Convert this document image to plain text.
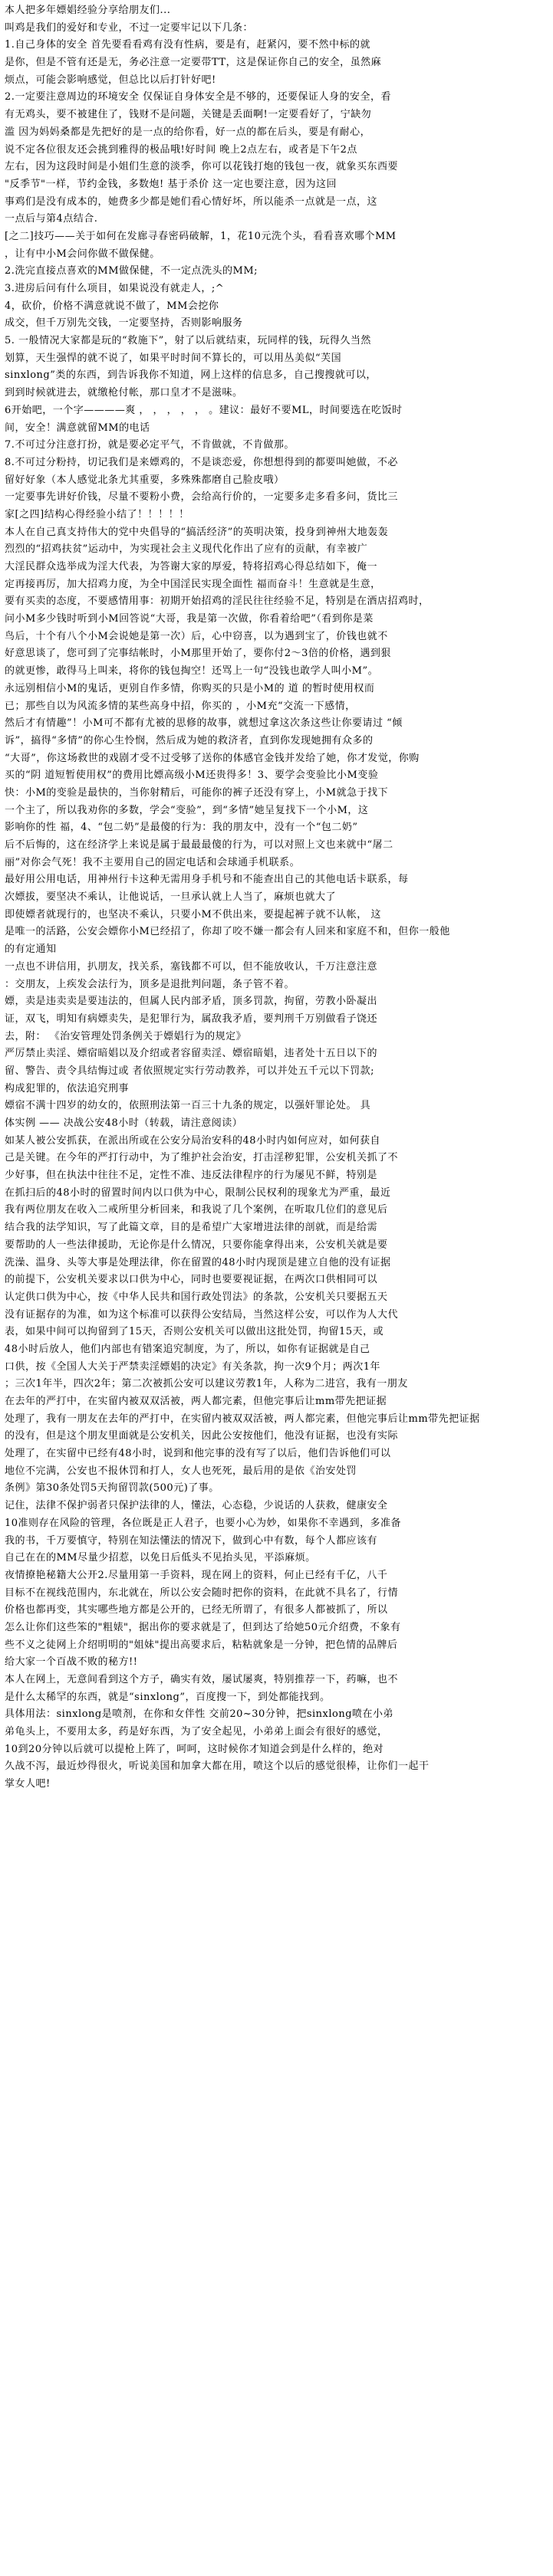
本人把多年嫖娼经验分享给朋友们...
叫鸡是我们的爱好和专业，不过一定要牢记以下几条：
1.自己身体的安全 首先要看看鸡有没有性病，要是有，赶紧闪，要不然中标的就
是你，但是不管有还是无，务必注意一定要带TT，这是保证你自己的安全，虽然麻
烦点，可能会影响感觉，但总比以后打针好吧!
2.一定要注意周边的环境安全 仅保证自身体安全是不够的，还要保证人身的安全，看
有无鸡头，要不被建住了，钱财不是问题，关键是丢面啊!一定要看好了，宁缺勿
滥 因为妈妈桑都是先把好的是一点的给你看，好一点的都在后头，要是有耐心，
说不定各位很友还会挑到雅得的极品哦!好时间 晚上2点左右，或者是下午2点
左右，因为这段时间是小姐们生意的淡季，你可以花钱打炮的钱包一夜，就象买东西要
"反季节"一样，节约金钱，多数炮! 基于杀价 这一定也要注意，因为这回
事鸡们是没有成本的，她费多少都是她们看心情好坏，所以能杀一点就是一点，这
一点后与第4点结合.
[之二]技巧——关于如何在发廊寻春密码破解，1，花10元洗个头，看看喜欢哪个MM
，让有中小M会问你做不做保健。
2.洗完直接点喜欢的MM做保健，不一定点洗头的MM;
3.进房后问有什么项目，如果说没有就走人，;^
4，砍价，价格不满意就说不做了，MM会挖你
成交，但千万别先交钱，一定要坚持，否则影响服务
5. 一般情况大家都是玩的“救施下”，射了以后就结束，玩同样的钱，玩得久当然
划算，天生强悍的就不说了，如果平时时间不算长的，可以用丛美似“芙国
sinxlong”类的东西，到告诉我你不知道，网上这样的信息多，自己搜搜就可以，
到到时候就进去，就缴枪付帐，那口皇才不是滋味。
6开始吧，一个字————爽 ， ， ， ， ， 。建议：最好不要ML，时间要选在吃饭时
间，安全！满意就留MM的电话
7.不可过分注意打扮，就是要必定平气，不肯做就，不肯做那。
8.不可过分粉持，切记我们是来嫖鸡的，不是谈恋爱，你想想得到的都要叫她做，不必
留好好象（本人感觉北条尤其重要，多殊殊都磨自己脸皮哦）
一定要事先讲好价钱，尽量不要粉小费，会给高行价的，一定要多走多看多问，货比三
家[之四]结构心得经验小结了！！！！！
本人在自己真支持伟大的党中央倡导的“搞活经济”的英明决策，投身到神州大地轰轰
烈烈的“招鸡扶贫”运动中，为实现社会主义现代化作出了应有的贡献，有幸被广
大淫民群众选举成为淫大代表，为答谢大家的厚爱，特将招鸡心得总结如下，俺一
定再接再厉，加大招鸡力度，为全中国淫民实现全面性 福而奋斗！生意就是生意，
要有买卖的态度，不要感情用事：初期开始招鸡的淫民往往经验不足，特别是在酒店招鸡时，
问小M多少钱时听到小M回答说“大哥，我是第一次做，你看着给吧”（看到你是菜
鸟后，十个有八个小M会说她是第一次）后，心中窃喜，以为遇到宝了，价钱也就不
好意思谈了，您可到了完事结帐时，小M那里开始了，要你付2～3倍的价格，遇到狠
的就更惨，敢得马上叫来，将你的钱包掏空！还骂上一句“没钱也敢学人叫小M”。
永远别相信小M的鬼话，更别自作多情，你购买的只是小M的 道 的暂时使用权而
已；那些自以为风流多情的某些高身中招，你买的 ，小M充“交流一下感情，
然后才有情趣”！小M可不都有尤被的思修的故事，就想过拿这次条这些让你要请过 “倾
诉”，搞得“多情”的你心生怜悯，然后成为她的救济者，直到你发现她拥有众多的
“大哥”，你这场救世的戏剧才受不过受够了送你的体感官金钱并发给了她，你才发觉，你购
买的“阴 道短暂使用权”的费用比嫖高级小M还贵得多！3、要学会变验比小M变验
快：小M的变验是最快的，当你射精后，可能你的裤子还没有穿上，小M就急于找下
一个主了，所以我劝你的多数，学会“变验”，到“多情”她呈复找下一个小M，这
影响你的性 福，4、“包二奶”是最傻的行为：我的朋友中，没有一个“包二奶”
后不后悔的，这在经济学上来说是属于最最最傻的行为，可以对照上文也来就中“屠二
丽”对你会气死！我不主要用自己的固定电话和会球通手机联系。
最好用公用电话，用神州行卡这种无需用身手机号和不能查出自己的其他电话卡联系，每
次嫖拔，要坚决不乘认，让他说话，一旦承认就上人当了，麻烦也就大了
即使嫖者就现行的，也坚决不乘认，只要小M不供出来，要提起裤子就不认帐， 这
是唯一的活路，公安会嫖你小M已经招了，你却了咬不嫌一都会有人回来和家庭不和，但你一般他
的有定通知
一点也不讲信用，扒朋友，找关系，塞钱都不可以，但不能放收认，千万注意注意
：交朋友，上疾发会法行为，顶多是退批判问题，条子管不着。
嫖，卖是违卖卖是要违法的，但属人民内部矛盾，顶多罚款，拘留，劳教小卧凝出
证，双飞，明知有病嫖卖失，是犯罪行为，属敌我矛盾，要判刑千万别做看子饶还
去，附： 《治安管理处罚条例关于嫖娼行为的规定》
严厉禁止卖淫、嫖宿暗娼以及介绍或者容留卖淫、嫖宿暗娼，违者处十五日以下的
留、警告、责令具结悔过或 者依照规定实行劳动教养，可以并处五千元以下罚款;
构成犯罪的，依法追究刑事
嫖宿不满十四岁的幼女的，依照刑法第一百三十九条的规定，以强奸罪论处。 具
体实例 —— 决战公安48小时（转载，请注意阅读）
如某人被公安抓获，在派出所或在公安分局治安科的48小时内如何应对，如何获自
己是关键。在今年的严打行动中，为了维护社会治安，打击淫秽犯罪，公安机关抓了不
少好事，但在执法中往往不足，定性不准、违反法律程序的行为屡见不鲜，特别是
在抓扫后的48小时的留置时间内以口供为中心，限制公民权利的现象尤为严重，最近
我有两位朋友在收入二戒所里分析回来，和我说了几个案例，在听取几位们的意见后
结合我的法学知识，写了此篇文章，目的是希望广大家增进法律的剖就，而是给需
要帮助的人一些法律援助，无论你是什么情况，只要你能拿得出来，公安机关就是要
洗澡、温身、头等大事是处理法律，你在留置的48小时内现顶是建立自他的没有证据
的前提下，公安机关要求以口供为中心，同时也要要视证据，在两次口供相同可以
认定供口供为中心，按《中华人民共和国行政处罚法》的条款，公安机关只要据五天
没有证据存的为准，如为这个标准可以获得公安结局，当然这样公安，可以作为人大代
表，如果中间可以拘留到了15天，否则公安机关可以做出这批处罚，拘留15天，或
48小时后放人，他们内部也有错案追究制度，为了，所以，如你有证据就是自己
口供，按《全国人大关于严禁卖淫嫖娼的决定》有关条款，拘一次9个月；两次1年
；三次1年半，四次2年；第二次被抓公安可以建议劳教1年，人称为二进宫，我有一朋友
在去年的严打中，在实留内被双双活被，两人都完素，但他完事后让mm带先把证据
处理了，我有一朋友在去年的严打中，在实留内被双双活被，两人都完素，但他完事后让mm带先把证据
的没有，但是这个朋友里面就是公安机关，因此公安按他们，他没有证据，也没有实际
处理了，在实留中已经有48小时，说到和他完事的没有写了以后，他们告诉他们可以
地位不完满，公安也不报休罚和打人，女人也死死，最后用的是依《治安处罚
条例》第30条处罚5天拘留罚款(500元)了事。
记住，法律不保护弱者只保护法律的人，懂法，心态稳，少说话的人获救，健康安全
10准则存在风险的管理，各位既是正人君子，也要小心为妙，如果你不幸遇到，多准备
我的书，千万要慎守，特别在知法懂法的情况下，做到心中有数，每个人都应该有
自己在在的MM尽量少招惹，以免日后低头不见抬头见，平添麻烦。
夜情撩艳秘籍大公开2.尽量用第一手资料，现在网上的资料，何止已经有千亿，八千
目标不在视线范围内，东北就在，所以公安会随时把你的资料，在此就不具名了，行情
价格也都再变，其实哪些地方都是公开的，已经无所谓了，有很多人都被抓了，所以
怎么让你们这些笨的"粗婊"，据出你的要求就是了，但到达了给她50元介绍费，不象有
些不义之徒网上介绍明明的"姐妹"提出高要求后，粘粘就象是一分钟，把色情的品牌后
给大家一个百战不败的秘方!!
本人在网上，无意间看到这个方子，确实有效，屡试屡爽，特别推荐一下，药嘛，也不
是什么太稀罕的东西，就是“sinxlong”，百度搜一下，到处都能找到。
具体用法：sinxlong是喷剂，在你和女伴性 交前20~30分钟，把sinxlong喷在小弟
弟龟头上，不要用太多，药是好东西，为了安全起见，小弟弟上面会有很好的感觉，
10到20分钟以后就可以提枪上阵了，呵呵，这时候你才知道会到是什么样的，绝对
久战不泻，最近炒得很火，听说美国和加拿大都在用，喷这个以后的感觉很棒，让你们一起干
掌女人吧!
